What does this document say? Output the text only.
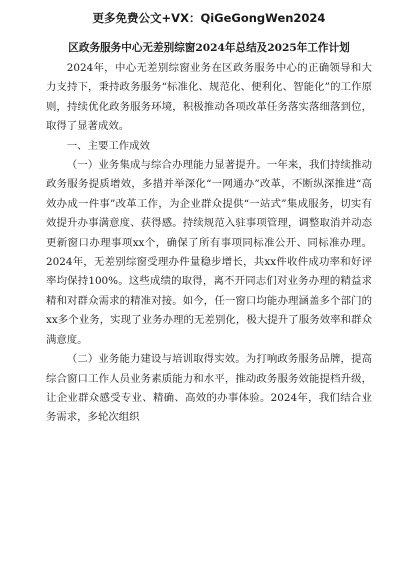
更多免费公文+VX：QiGeGongWen2024
区政务服务中心无差别综窗2024年总结及2025年工作计划

2024年，中心无差别综窗业务在区政务服务中心的正确领导和大力支持下，秉持政务服务“标准化、规范化、便利化、智能化”的工作原则，持续优化政务服务环境，积极推动各项改革任务落实落细落到位，取得了显著成效。

一、主要工作成效

（一）业务集成与综合办理能力显著提升。一年来，我们持续推动政务服务提质增效，多措并举深化“一网通办”改革，不断纵深推进“高效办成一件事”改革工作，为企业群众提供“一站式”集成服务，切实有效提升办事满意度、获得感。持续规范入驻事项管理，调整取消并动态更新窗口办理事项xx个，确保了所有事项同标准公开、同标准办理。2024年，无差别综窗受理办件量稳步增长，共xx件收件成功率和好评率均保持100%。这些成绩的取得，离不开同志们对业务办理的精益求精和对群众需求的精准对接。如今，任一窗口均能办理涵盖多个部门的xx多个业务，实现了业务办理的无差别化，极大提升了服务效率和群众满意度。

（二）业务能力建设与培训取得实效。为打响政务服务品牌，提高综合窗口工作人员业务素质能力和水平，推动政务服务效能提档升级，让企业群众感受专业、精确、高效的办事体验。2024年，我们结合业务需求，多轮次组织
